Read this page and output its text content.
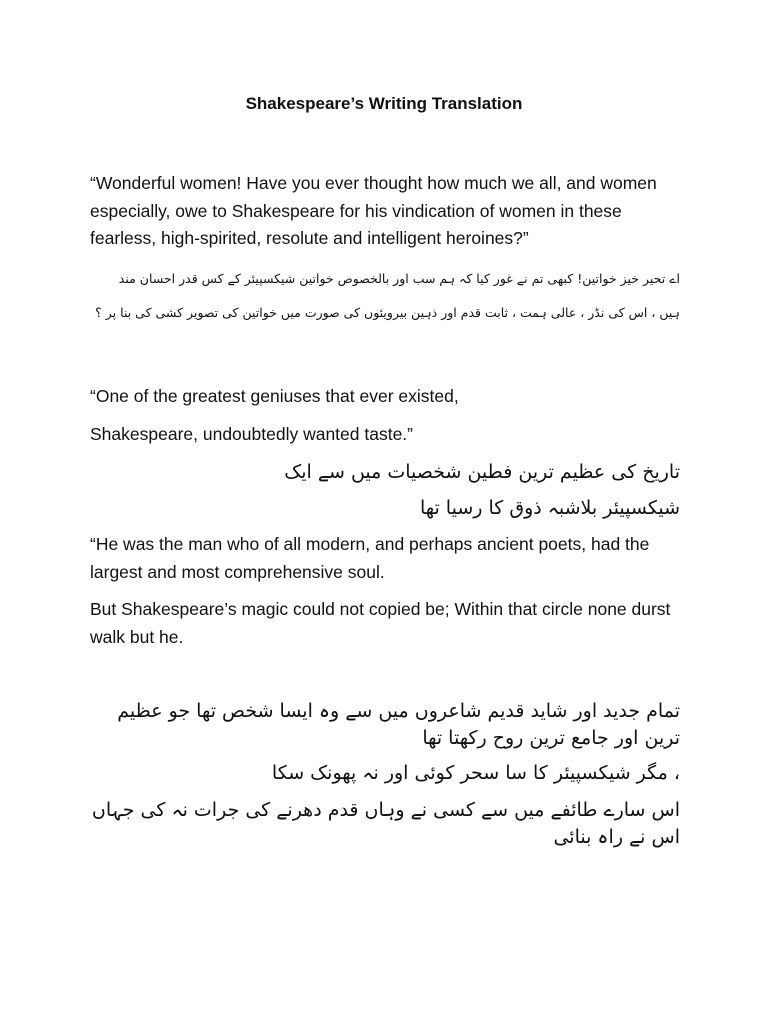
Shakespeare’s Writing Translation
“Wonderful women! Have you ever thought how much we all, and women especially, owe to Shakespeare for his vindication of women in these fearless, high-spirited, resolute and intelligent heroines?”
اے تحیر خیز خواتین! کبھی تم نے غور کیا کہ ہم سب اور بالخصوص خواتین شیکسپیئر کے کس قدر احسان مند
ہیں ، اس کی نڈر ، عالی ہمت ، ثابت قدم اور ذہین بیرویئوں کی صورت میں خواتین کی تصویر کشی کی بنا پر ؟
“One of the greatest geniuses that ever existed,
Shakespeare, undoubtedly wanted taste.”
تاریخ کی عظیم ترین فطین شخصیات میں سے ایک
شیکسپیئر بلاشبہ ذوق کا رسیا تھا
“He was the man who of all modern, and perhaps ancient poets, had the largest and most comprehensive soul.
But Shakespeare’s magic could not copied be; Within that circle none durst walk but he.
تمام جدید اور شاید قدیم شاعروں میں سے وہ ایسا شخص تھا جو عظیم ترین اور جامع ترین روح رکھتا تھا
، مگر شیکسپیئر کا سا سحر کوئی اور نہ پھونک سکا
اس سارے طائفے میں سے کسی نے وہاں قدم دھرنے کی جرات نہ کی جہاں اس نے راہ بنائی
